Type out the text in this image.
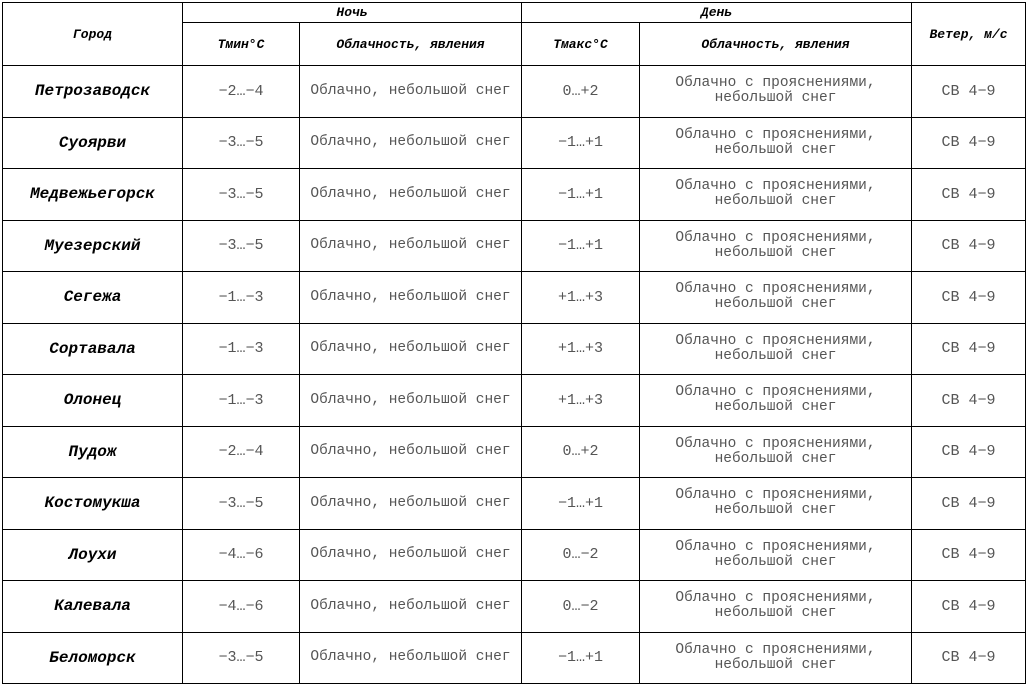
Город	Ночь		День		Ветер, м/с
	Tмин°C	Облачность, явления	Tмакс°C	Облачность, явления	
Петрозаводск	−2…−4	Облачно, небольшой снег	0…+2	Облачно с прояснениями, небольшой снег	СВ 4−9
Суоярви	−3…−5	Облачно, небольшой снег	−1…+1	Облачно с прояснениями, небольшой снег	СВ 4−9
Медвежьегорск	−3…−5	Облачно, небольшой снег	−1…+1	Облачно с прояснениями, небольшой снег	СВ 4−9
Муезерский	−3…−5	Облачно, небольшой снег	−1…+1	Облачно с прояснениями, небольшой снег	СВ 4−9
Сегежа	−1…−3	Облачно, небольшой снег	+1…+3	Облачно с прояснениями, небольшой снег	СВ 4−9
Сортавала	−1…−3	Облачно, небольшой снег	+1…+3	Облачно с прояснениями, небольшой снег	СВ 4−9
Олонец	−1…−3	Облачно, небольшой снег	+1…+3	Облачно с прояснениями, небольшой снег	СВ 4−9
Пудож	−2…−4	Облачно, небольшой снег	0…+2	Облачно с прояснениями, небольшой снег	СВ 4−9
Костомукша	−3…−5	Облачно, небольшой снег	−1…+1	Облачно с прояснениями, небольшой снег	СВ 4−9
Лоухи	−4…−6	Облачно, небольшой снег	0…−2	Облачно с прояснениями, небольшой снег	СВ 4−9
Калевала	−4…−6	Облачно, небольшой снег	0…−2	Облачно с прояснениями, небольшой снег	СВ 4−9
Беломорск	−3…−5	Облачно, небольшой снег	−1…+1	Облачно с прояснениями, небольшой снег	СВ 4−9
